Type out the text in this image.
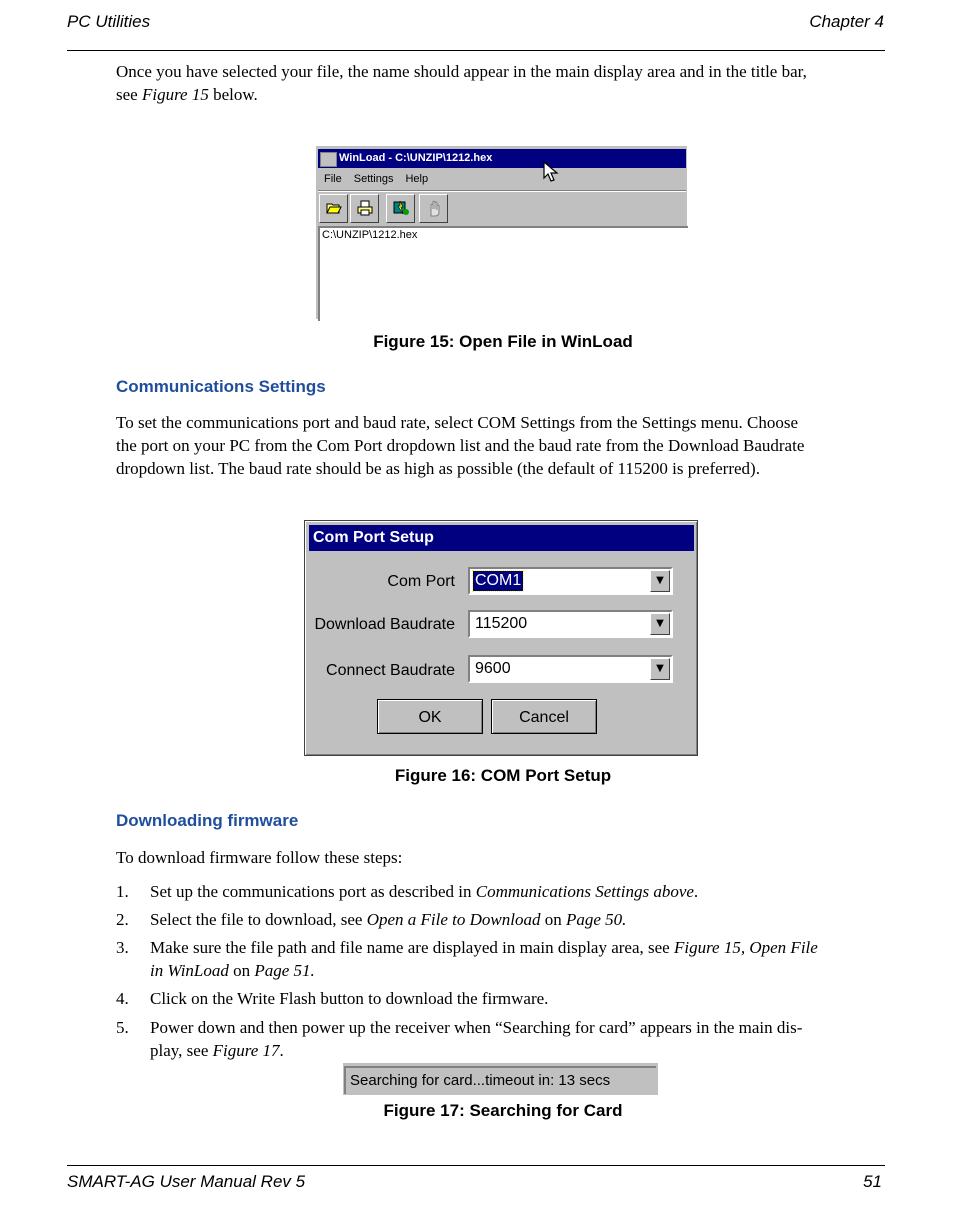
PC Utilities	Chapter 4
Once you have selected your file, the name should appear in the main display area and in the title bar,
see Figure 15 below.
WinLoad - C:\UNZIP\1212.hex
File Settings Help
C:\UNZIP\1212.hex
Figure 15: Open File in WinLoad
Communications Settings
To set the communications port and baud rate, select COM Settings from the Settings menu. Choose
the port on your PC from the Com Port dropdown list and the baud rate from the Download Baudrate
dropdown list. The baud rate should be as high as possible (the default of 115200 is preferred).
Com Port Setup
Com Port COM1	▼
Download Baudrate 115200	▼
Connect Baudrate 9600	▼
OK	Cancel
Figure 16: COM Port Setup
Downloading firmware
To download firmware follow these steps:
1.	Set up the communications port as described in Communications Settings above.
2.	Select the file to download, see Open a File to Download on Page 50.
3.	Make sure the file path and file name are displayed in main display area, see Figure 15, Open File
in WinLoad on Page 51.
4.	Click on the Write Flash button to download the firmware.
5.	Power down and then power up the receiver when “Searching for card” appears in the main dis-
play, see Figure 17.
Searching for card...timeout in: 13 secs
Figure 17: Searching for Card
SMART-AG User Manual Rev 5	51
